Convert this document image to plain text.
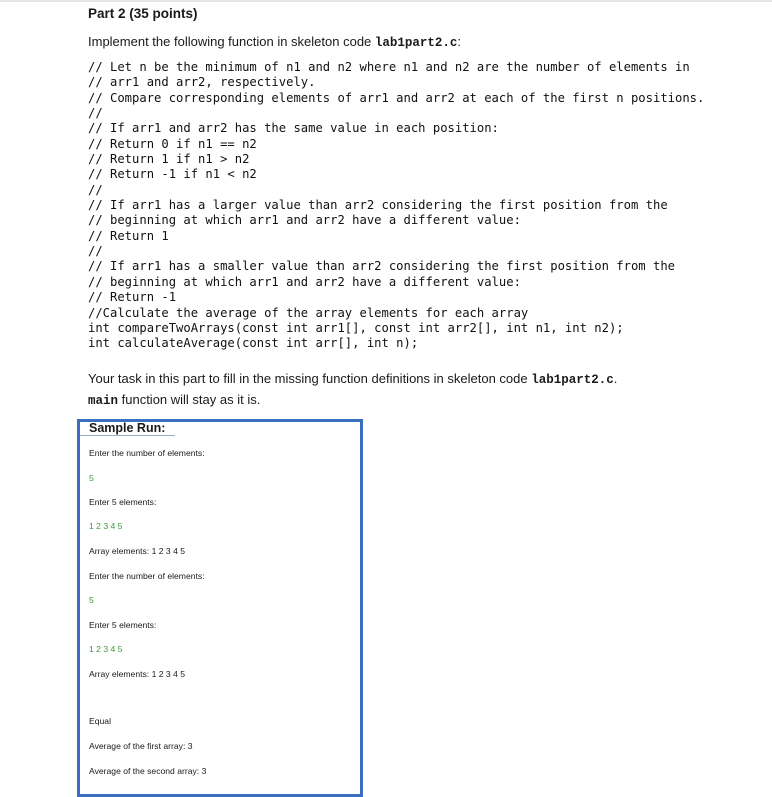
Part 2 (35 points)
Implement the following function in skeleton code lab1part2.c:
// Let n be the minimum of n1 and n2 where n1 and n2 are the number of elements in
// arr1 and arr2, respectively.
// Compare corresponding elements of arr1 and arr2 at each of the first n positions.
//
// If arr1 and arr2 has the same value in each position:
// Return 0 if n1 == n2
// Return 1 if n1 > n2
// Return -1 if n1 < n2
//
// If arr1 has a larger value than arr2 considering the first position from the
// beginning at which arr1 and arr2 have a different value:
// Return 1
//
// If arr1 has a smaller value than arr2 considering the first position from the
// beginning at which arr1 and arr2 have a different value:
// Return -1
//Calculate the average of the array elements for each array
int compareTwoArrays(const int arr1[], const int arr2[], int n1, int n2);
int calculateAverage(const int arr[], int n);
Your task in this part to fill in the missing function definitions in skeleton code lab1part2.c.
main function will stay as it is.
Sample Run:
Enter the number of elements:
5
Enter 5 elements:
1 2 3 4 5
Array elements: 1 2 3 4 5
Enter the number of elements:
5
Enter 5 elements:
1 2 3 4 5
Array elements: 1 2 3 4 5
Equal
Average of the first array: 3
Average of the second array: 3
